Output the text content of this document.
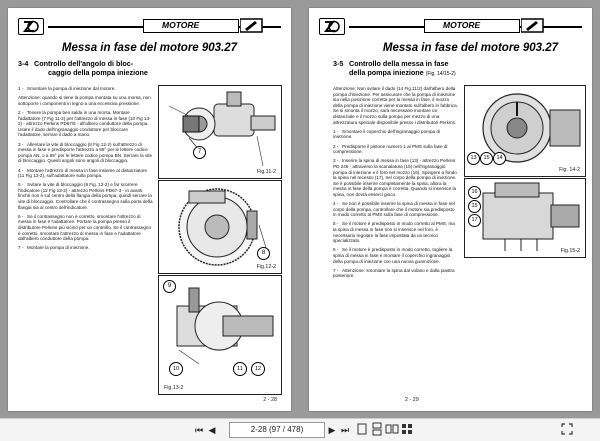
MOTORE
Messa in fase del motore 903.27
3-4 Controllo dell'angolo di bloc-
caggio della pompa iniezione

1 - Smontare la pompa di iniezione dal motore.

Attenzione: quando si tiene la pompa montata su una morsa, non sottoporre i componenti in legno a una eccessiva pressione.

2 - Tenere la pompa ben salda in una morsa. Montare l'adattatore (7 Fig 11-2) per l'attrezzo di messa in fase (10 Fig 13-2) - attrezzo Perkins PD67/5 - all'albero conduttore della pompa. Usare il dado dell'ingranaggio conduttore per bloccare l'adattatore, serrare il dado a mano.

3 - Allentare la vite di bloccaggio (8 Fig 12-2) sull'attrezzo di messa in fase e predisporre l'attrezzo a 89° per le lettere codice pompa AN, o a 89° per le lettere codice pompa BN. Serrare la vite di bloccaggio. Questi angoli sono angoli di bloccaggio.

4 - Montare l'attrezzo di messa in fase insieme al distanziatore (11 Fig 13-2), sull'adattatore sulla pompa.

5 - Svitare la vite di bloccaggio (9 Fig. 13-2) e far scorrere l'indicatore (12 Fig 13-2) - attrezzo Perkins PD67-3 - in avanti finché non è sul centro della flangia della pompa, quindi serrare la vite di bloccaggio. Controllare che il contrassegno sulla porta della flangia sia al centro dell'indicatore.

6 - Se il contrassegno non è corretto, smontare l'attrezzo di messa in fase e l'adattatore. Portare la pompa presso il distributore Perkins più vicino per un controllo. Se il contrassegno è corretto, smontare l'attrezzo di messa in fase e l'adattatore dall'albero conduttore della pompa.

7 - Montare la pompa di iniezione.

7
Fig.11-2
8
Fig.12-2
9
10	11	12
Fig.13-2
2 - 28
MOTORE
Messa in fase del motore 903.27
3-5 Controllo della messa in fase
della pompa iniezione (Fig. 14/15-2)

Attenzione: Non svitare il dado (14 Fig.11/2) dall'albero della pompa d'iniezione. Per assicurare che la pompa di iniezione sia nella posizione corretta per la messa in fase, il mozzo della pompa di iniezione viene montato sull'albero in fabbrica. Se si smonta il mozzo, sarà necessario montare un distanziale e il mozzo sulla pompa per mezzo di una attrezzatura speciale disponibile presso i distributori Perkins.

1 - Smontare il coperchio dell'ingranaggio pompa di iniezione.

2 - Predisporre il pistone numero 1 al PMS sulla fase di compressione.

3 - Inserire la spina di messa in fase (13) - attrezzo Perkins PD 246 - attraverso la scanalatura (15) nell'ingranaggio pompa di iniezione e il foro nel mozzo (16). Spingere a fondo la spina nel recesso (17), nel corpo della pompa di iniezione. Se è possibile inserire completamente la spina, allora la messa in fase della pompa è corretta. Quando si inserisce la spina, non dovrà esserci gioco.

4 - Se non è possibile inserire la spina di messa in fase nel corpo della pompa, controllare che il motore sia predisposto in modo corretto al PMS sulla fase di compressione.

5 - Se il motore è predisposto in modo corretto al PMS, ma la spina di messa in fase non si inserisce nel foro, è necessario regolare la fase impostata da un tecnico specializzato.

6 - Se il motore è predisposto in modo corretto, togliere la spina di messa in fase e montare il coperchio ingranaggio della pompa di iniezione con una nuova guarnizione.

7 - Attenzione: smontare la spina dal volano e dalla piastra posteriore.

13	15	14
Fig. 14-2
16
15
17
Fig.15-2
2 - 29
⏮ ◀	2-28 (97 / 478)	▶ ⏭
